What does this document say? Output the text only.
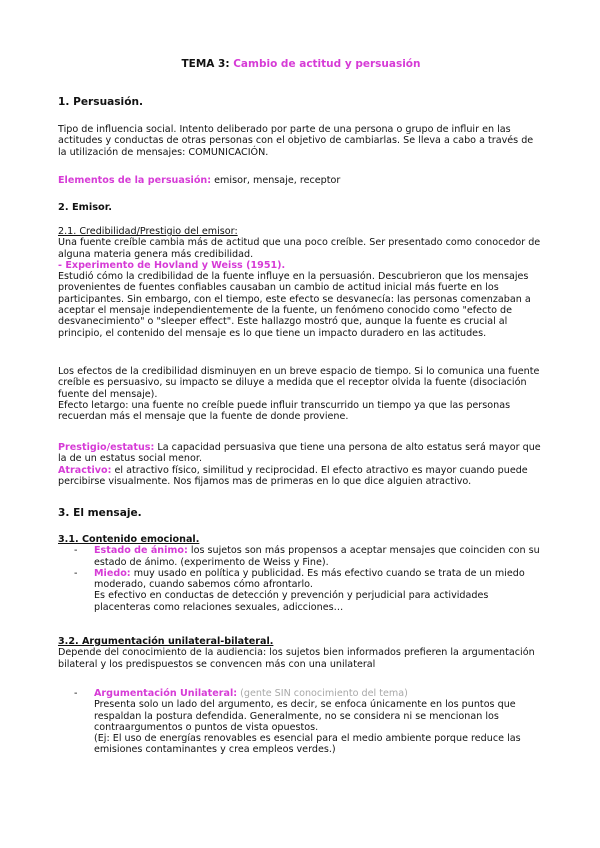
TEMA 3: Cambio de actitud y persuasión
1. Persuasión.
Tipo de influencia social. Intento deliberado por parte de una persona o grupo de influir en las actitudes y conductas de otras personas con el objetivo de cambiarlas. Se lleva a cabo a través de la utilización de mensajes: COMUNICACIÓN.
Elementos de la persuasión: emisor, mensaje, receptor
2. Emisor.
2.1. Credibilidad/Prestigio del emisor:
Una fuente creíble cambia más de actitud que una poco creíble. Ser presentado como conocedor de alguna materia genera más credibilidad.
- Experimento de Hovland y Weiss (1951).
Estudió cómo la credibilidad de la fuente influye en la persuasión. Descubrieron que los mensajes provenientes de fuentes confiables causaban un cambio de actitud inicial más fuerte en los participantes. Sin embargo, con el tiempo, este efecto se desvanecía: las personas comenzaban a aceptar el mensaje independientemente de la fuente, un fenómeno conocido como "efecto de desvanecimiento" o "sleeper effect". Este hallazgo mostró que, aunque la fuente es crucial al principio, el contenido del mensaje es lo que tiene un impacto duradero en las actitudes.
Los efectos de la credibilidad disminuyen en un breve espacio de tiempo. Si lo comunica una fuente creíble es persuasivo, su impacto se diluye a medida que el receptor olvida la fuente (disociación fuente del mensaje).
Efecto letargo: una fuente no creíble puede influir transcurrido un tiempo ya que las personas recuerdan más el mensaje que la fuente de donde proviene.
Prestigio/estatus: La capacidad persuasiva que tiene una persona de alto estatus será mayor que la de un estatus social menor.
Atractivo: el atractivo físico, similitud y reciprocidad. El efecto atractivo es mayor cuando puede percibirse visualmente. Nos fijamos mas de primeras en lo que dice alguien atractivo.
3. El mensaje.
3.1. Contenido emocional.
- Estado de ánimo: los sujetos son más propensos a aceptar mensajes que coinciden con su estado de ánimo. (experimento de Weiss y Fine).
- Miedo: muy usado en política y publicidad. Es más efectivo cuando se trata de un miedo moderado, cuando sabemos cómo afrontarlo.
Es efectivo en conductas de detección y prevención y perjudicial para actividades placenteras como relaciones sexuales, adicciones…
3.2. Argumentación unilateral-bilateral.
Depende del conocimiento de la audiencia: los sujetos bien informados prefieren la argumentación bilateral y los predispuestos se convencen más con una unilateral
- Argumentación Unilateral: (gente SIN conocimiento del tema)
Presenta solo un lado del argumento, es decir, se enfoca únicamente en los puntos que respaldan la postura defendida. Generalmente, no se considera ni se mencionan los contraargumentos o puntos de vista opuestos.
(Ej: El uso de energías renovables es esencial para el medio ambiente porque reduce las emisiones contaminantes y crea empleos verdes.)
